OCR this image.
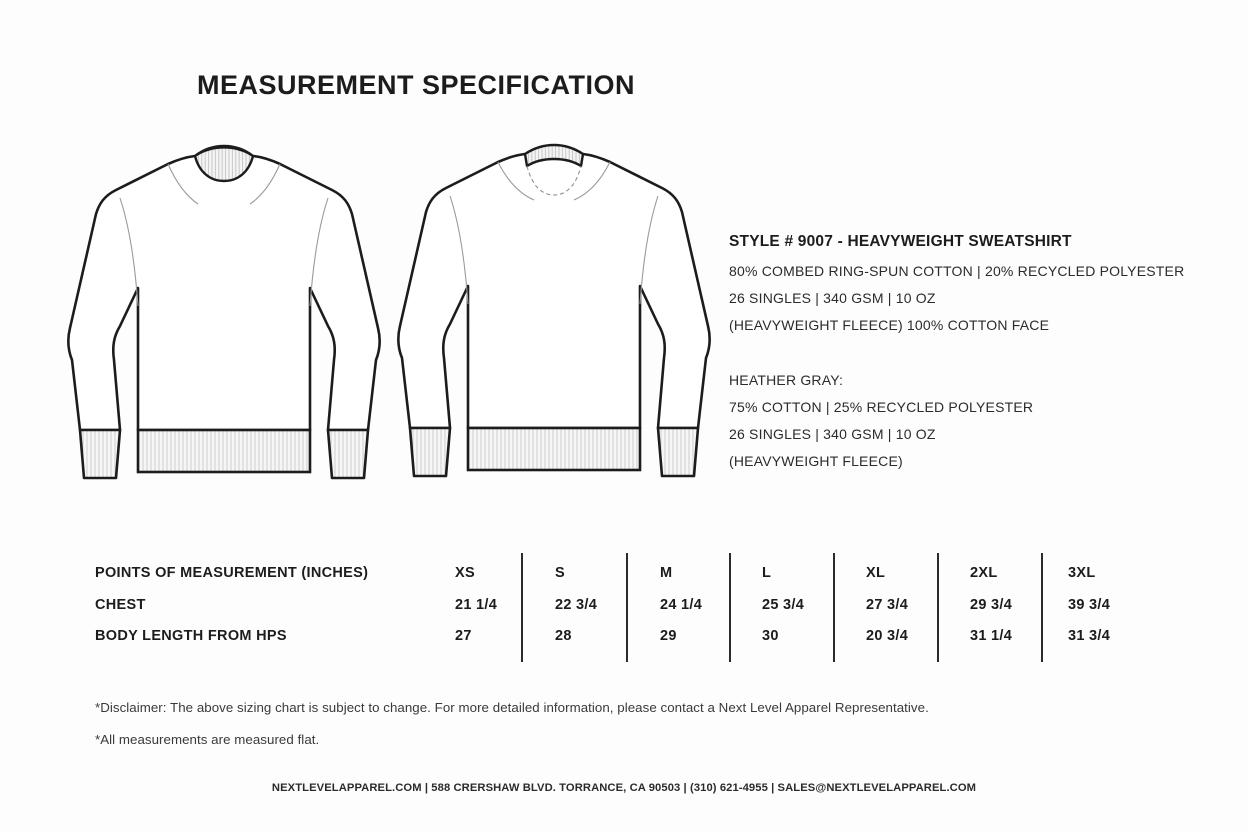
MEASUREMENT SPECIFICATION
STYLE # 9007 - HEAVYWEIGHT SWEATSHIRT
80% COMBED RING-SPUN COTTON | 20% RECYCLED POLYESTER
26 SINGLES | 340 GSM | 10 OZ
(HEAVYWEIGHT FLEECE) 100% COTTON FACE
HEATHER GRAY:
75% COTTON | 25% RECYCLED POLYESTER
26 SINGLES | 340 GSM | 10 OZ
(HEAVYWEIGHT FLEECE)
POINTS OF MEASUREMENT (INCHES)
CHEST
BODY LENGTH FROM HPS
XS
21 1/4
27
S
22 3/4
28
M
24 1/4
29
L
25 3/4
30
XL
27 3/4
20 3/4
2XL
29 3/4
31 1/4
3XL
39 3/4
31 3/4
*Disclaimer: The above sizing chart is subject to change. For more detailed information, please contact a Next Level Apparel Representative.
*All measurements are measured flat.
NEXTLEVELAPPAREL.COM | 588 CRERSHAW BLVD. TORRANCE, CA 90503 | (310) 621-4955 | SALES@NEXTLEVELAPPAREL.COM
